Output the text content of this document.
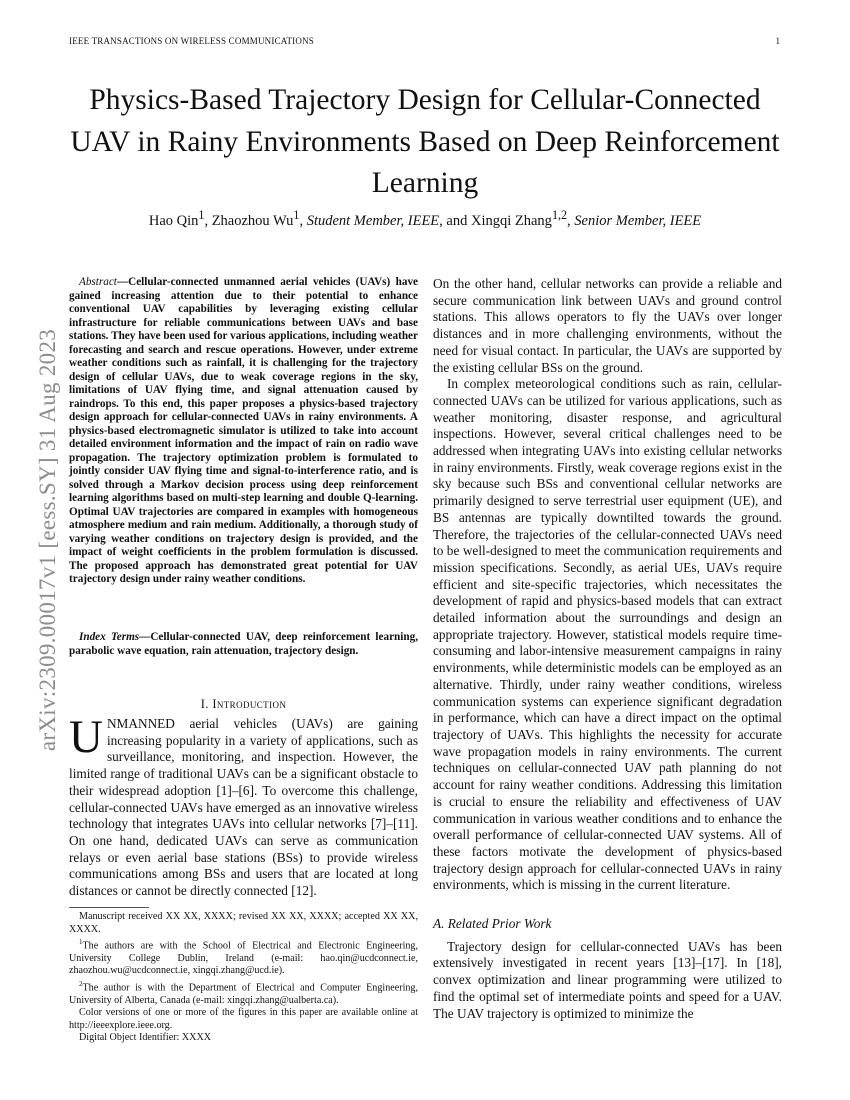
IEEE TRANSACTIONS ON WIRELESS COMMUNICATIONS	1
arXiv:2309.00017v1 [eess.SY] 31 Aug 2023
Physics-Based Trajectory Design for Cellular-Connected UAV in Rainy Environments Based on Deep Reinforcement Learning
Hao Qin$^1$, Zhaozhou Wu$^1$, Student Member, IEEE, and Xingqi Zhang$^{1,2}$, Senior Member, IEEE

Abstract—Cellular-connected unmanned aerial vehicles (UAVs) have gained increasing attention due to their potential to enhance conventional UAV capabilities by leveraging existing cellular infrastructure for reliable communications between UAVs and base stations. They have been used for various applications, including weather forecasting and search and rescue operations. However, under extreme weather conditions such as rainfall, it is challenging for the trajectory design of cellular UAVs, due to weak coverage regions in the sky, limitations of UAV flying time, and signal attenuation caused by raindrops. To this end, this paper proposes a physics-based trajectory design approach for cellular-connected UAVs in rainy environments. A physics-based electromagnetic simulator is utilized to take into account detailed environment information and the impact of rain on radio wave propagation. The trajectory optimization problem is formulated to jointly consider UAV flying time and signal-to-interference ratio, and is solved through a Markov decision process using deep reinforcement learning algorithms based on multi-step learning and double Q-learning. Optimal UAV trajectories are compared in examples with homogeneous atmosphere medium and rain medium. Additionally, a thorough study of varying weather conditions on trajectory design is provided, and the impact of weight coefficients in the problem formulation is discussed. The proposed approach has demonstrated great potential for UAV trajectory design under rainy weather conditions.

Index Terms—Cellular-connected UAV, deep reinforcement learning, parabolic wave equation, rain attenuation, trajectory design.

I. Introduction

UNMANNED aerial vehicles (UAVs) are gaining increasing popularity in a variety of applications, such as surveillance, monitoring, and inspection. However, the limited range of traditional UAVs can be a significant obstacle to their widespread adoption [1]–[6]. To overcome this challenge, cellular-connected UAVs have emerged as an innovative wireless technology that integrates UAVs into cellular networks [7]–[11]. On one hand, dedicated UAVs can serve as communication relays or even aerial base stations (BSs) to provide wireless communications among BSs and users that are located at long distances or cannot be directly connected [12].

Manuscript received XX XX, XXXX; revised XX XX, XXXX; accepted XX XX, XXXX.

$^1$The authors are with the School of Electrical and Electronic Engineering, University College Dublin, Ireland (e-mail: hao.qin@ucdconnect.ie, zhaozhou.wu@ucdconnect.ie, xingqi.zhang@ucd.ie).

$^2$The author is with the Department of Electrical and Computer Engineering, University of Alberta, Canada (e-mail: xingqi.zhang@ualberta.ca).

Color versions of one or more of the figures in this paper are available online at http://ieeexplore.ieee.org.

Digital Object Identifier: XXXX

On the other hand, cellular networks can provide a reliable and secure communication link between UAVs and ground control stations. This allows operators to fly the UAVs over longer distances and in more challenging environments, without the need for visual contact. In particular, the UAVs are supported by the existing cellular BSs on the ground.

In complex meteorological conditions such as rain, cellular-connected UAVs can be utilized for various applications, such as weather monitoring, disaster response, and agricultural inspections. However, several critical challenges need to be addressed when integrating UAVs into existing cellular networks in rainy environments. Firstly, weak coverage regions exist in the sky because such BSs and conventional cellular networks are primarily designed to serve terrestrial user equipment (UE), and BS antennas are typically downtilted towards the ground. Therefore, the trajectories of the cellular-connected UAVs need to be well-designed to meet the communication requirements and mission specifications. Secondly, as aerial UEs, UAVs require efficient and site-specific trajectories, which necessitates the development of rapid and physics-based models that can extract detailed information about the surroundings and design an appropriate trajectory. However, statistical models require time-consuming and labor-intensive measurement campaigns in rainy environments, while deterministic models can be employed as an alternative. Thirdly, under rainy weather conditions, wireless communication systems can experience significant degradation in performance, which can have a direct impact on the optimal trajectory of UAVs. This highlights the necessity for accurate wave propagation models in rainy environments. The current techniques on cellular-connected UAV path planning do not account for rainy weather conditions. Addressing this limitation is crucial to ensure the reliability and effectiveness of UAV communication in various weather conditions and to enhance the overall performance of cellular-connected UAV systems. All of these factors motivate the development of physics-based trajectory design approach for cellular-connected UAVs in rainy environments, which is missing in the current literature.

A. Related Prior Work

Trajectory design for cellular-connected UAVs has been extensively investigated in recent years [13]–[17]. In [18], convex optimization and linear programming were utilized to find the optimal set of intermediate points and speed for a UAV. The UAV trajectory is optimized to minimize the
